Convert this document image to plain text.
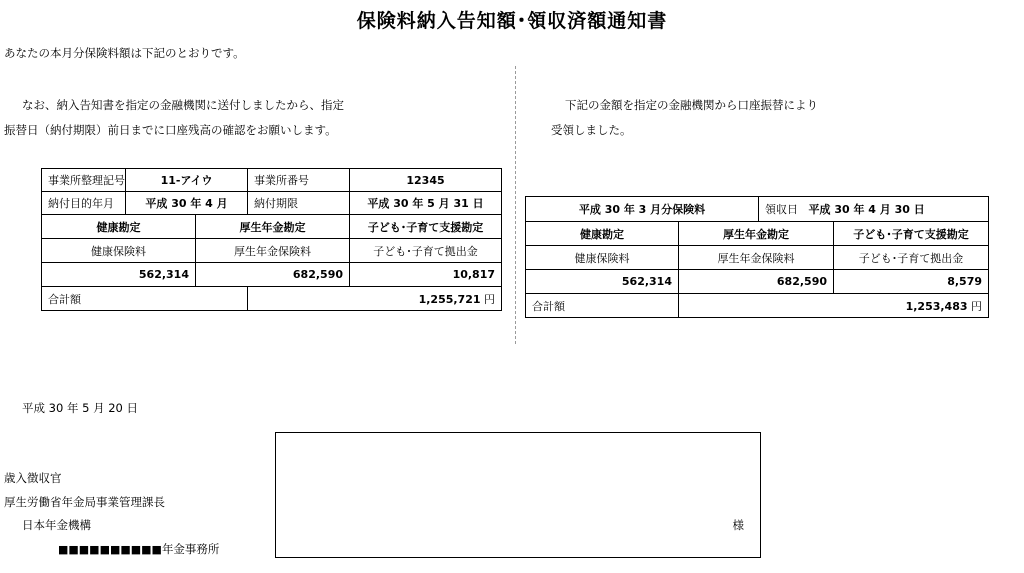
保険料納入告知額･領収済額通知書
あなたの本月分保険料額は下記のとおりです。
なお、納入告知書を指定の金融機関に送付しましたから、指定
振替日（納付期限）前日までに口座残高の確認をお願いします。
下記の金額を指定の金融機関から口座振替により
受領しました。
事業所整理記号	11-アイウ		事業所番号	12345
納付目的年月	平成 30 年 4 月		納付期限	平成 30 年 5 月 31 日
健康勘定		厚生年金勘定		子ども･子育て支援勘定
健康保険料		厚生年金保険料		子ども･子育て拠出金
562,314		682,590		10,817
合計額			1,255,721 円	
平成 30 年 3 月分保険料		領収日 平成 30 年 4 月 30 日	
健康勘定	厚生年金勘定		子ども･子育て支援勘定
健康保険料	厚生年金保険料		子ども･子育て拠出金
562,314	682,590		8,579
合計額	1,253,483 円		
平成 30 年 5 月 20 日
歳入徴収官
厚生労働省年金局事業管理課長
日本年金機構
■■■■■■■■■■年金事務所
様
